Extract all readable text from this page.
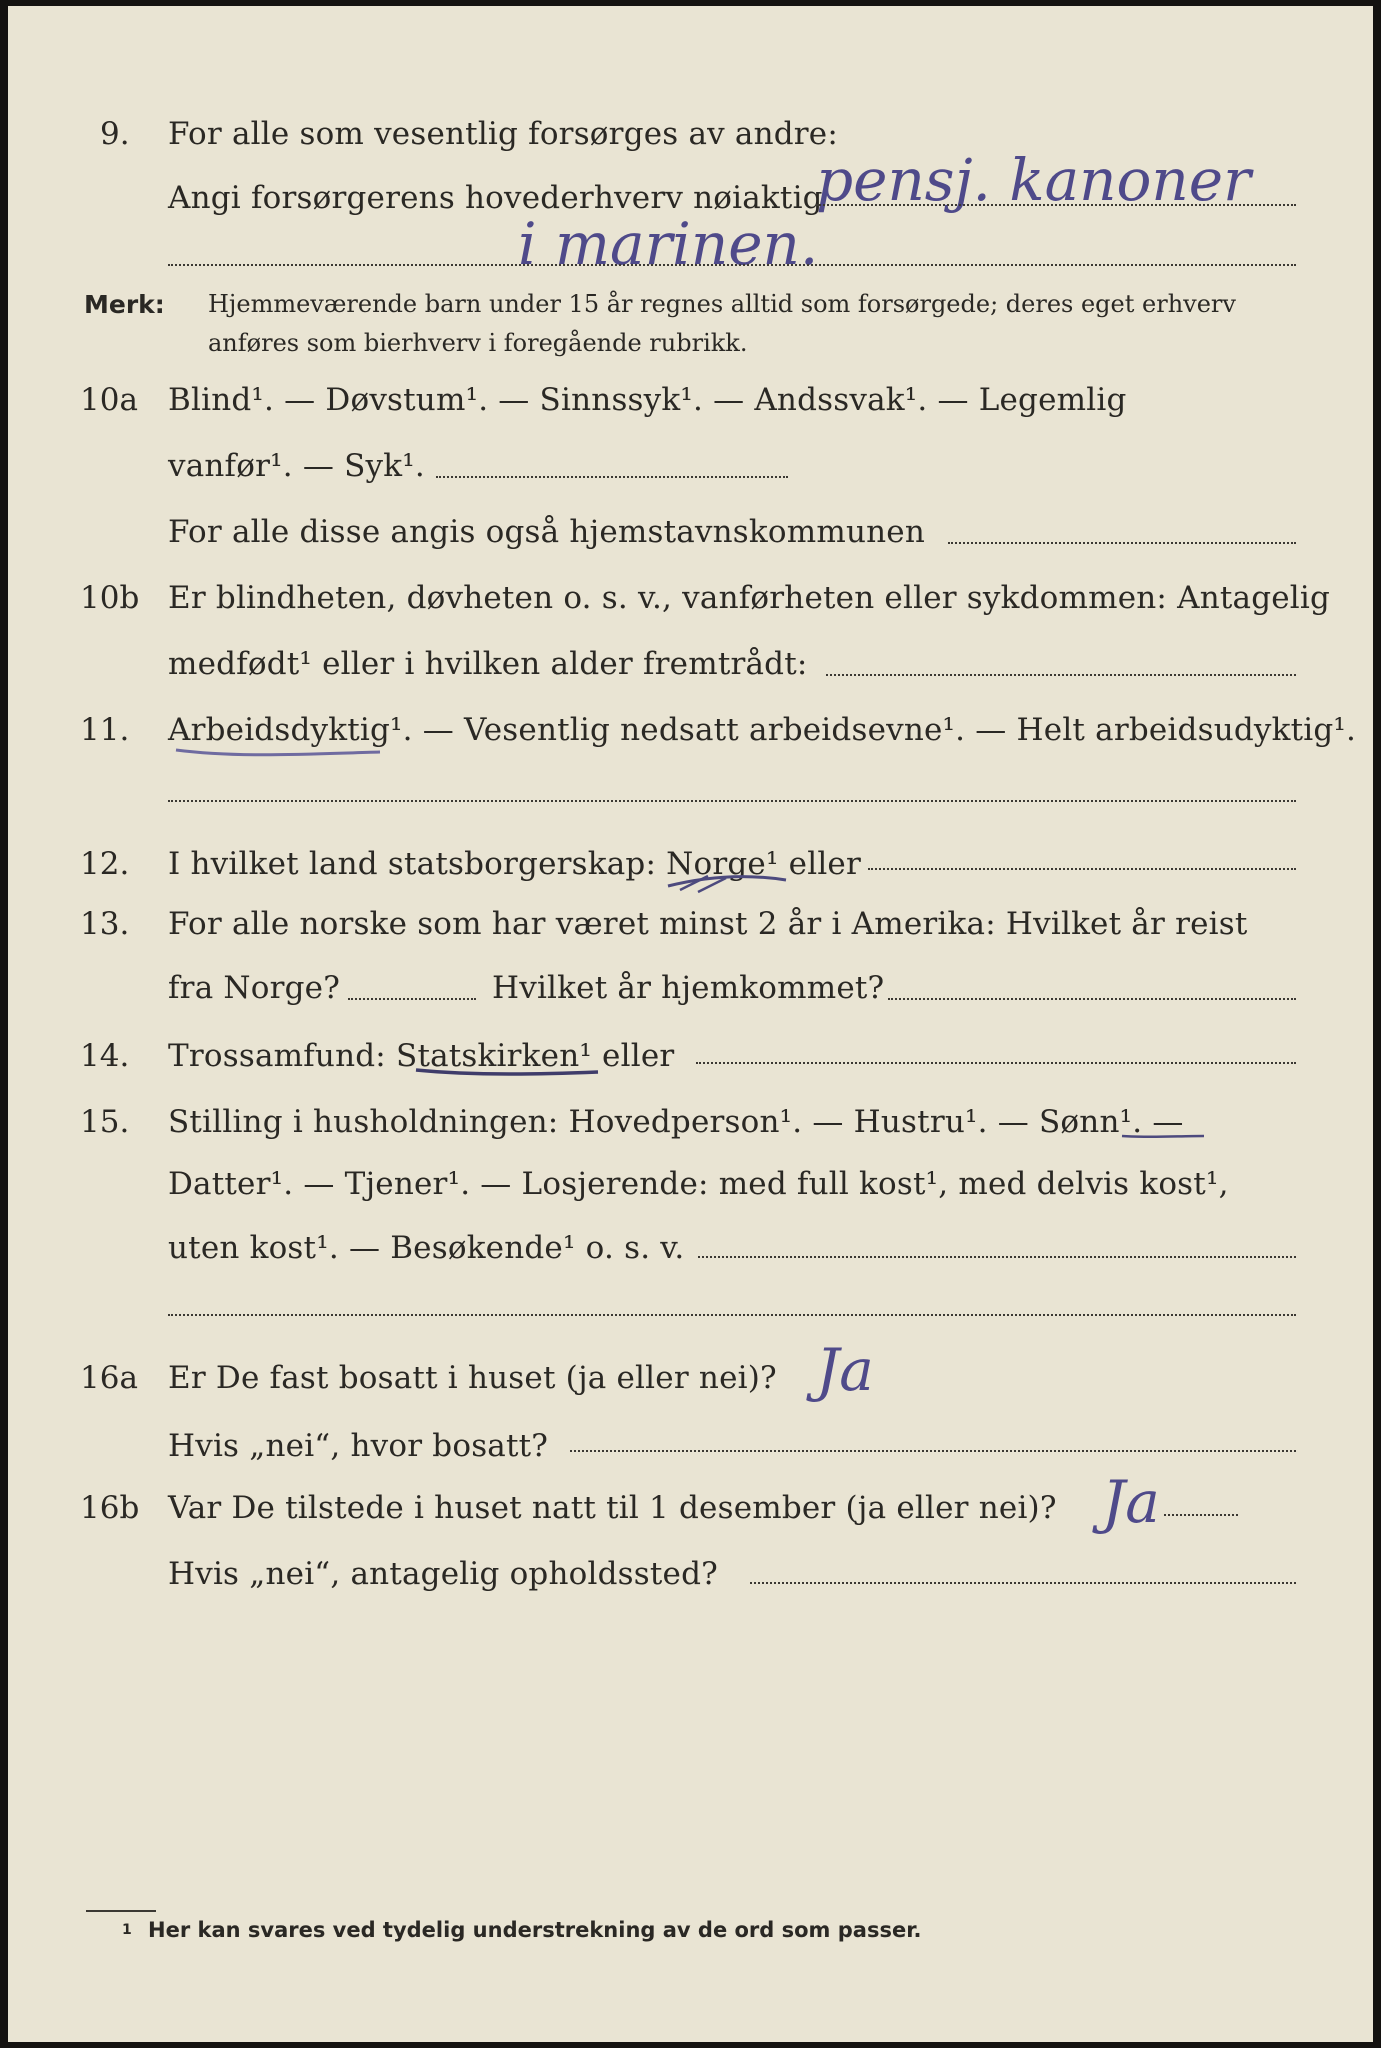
9. For alle som vesentlig forsørges av andre:
Angi forsørgerens hovederhverv nøiaktig
pensj. kanoner
i marinen.
Merk: Hjemmeværende barn under 15 år regnes alltid som forsørgede; deres eget erhverv
anføres som bierhverv i foregående rubrikk.
10a Blind¹. — Døvstum¹. — Sinnssyk¹. — Andssvak¹. — Legemlig
vanfør¹. — Syk¹.
For alle disse angis også hjemstavnskommunen
10b Er blindheten, døvheten o. s. v., vanførheten eller sykdommen: Antagelig
medfødt¹ eller i hvilken alder fremtrådt:
11. Arbeidsdyktig¹. — Vesentlig nedsatt arbeidsevne¹. — Helt arbeidsudyktig¹.
12. I hvilket land statsborgerskap: Norge¹ eller
13. For alle norske som har været minst 2 år i Amerika: Hvilket år reist
fra Norge?	Hvilket år hjemkommet?
14. Trossamfund: Statskirken¹ eller
15. Stilling i husholdningen: Hovedperson¹. — Hustru¹. — Sønn¹. —
Datter¹. — Tjener¹. — Losjerende: med full kost¹, med delvis kost¹,
uten kost¹. — Besøkende¹ o. s. v.
16a Er De fast bosatt i huset (ja eller nei)? Ja
Hvis „nei“, hvor bosatt?
16b Var De tilstede i huset natt til 1 desember (ja eller nei)? Ja
Hvis „nei“, antagelig opholdssted?
1 Her kan svares ved tydelig understrekning av de ord som passer.
